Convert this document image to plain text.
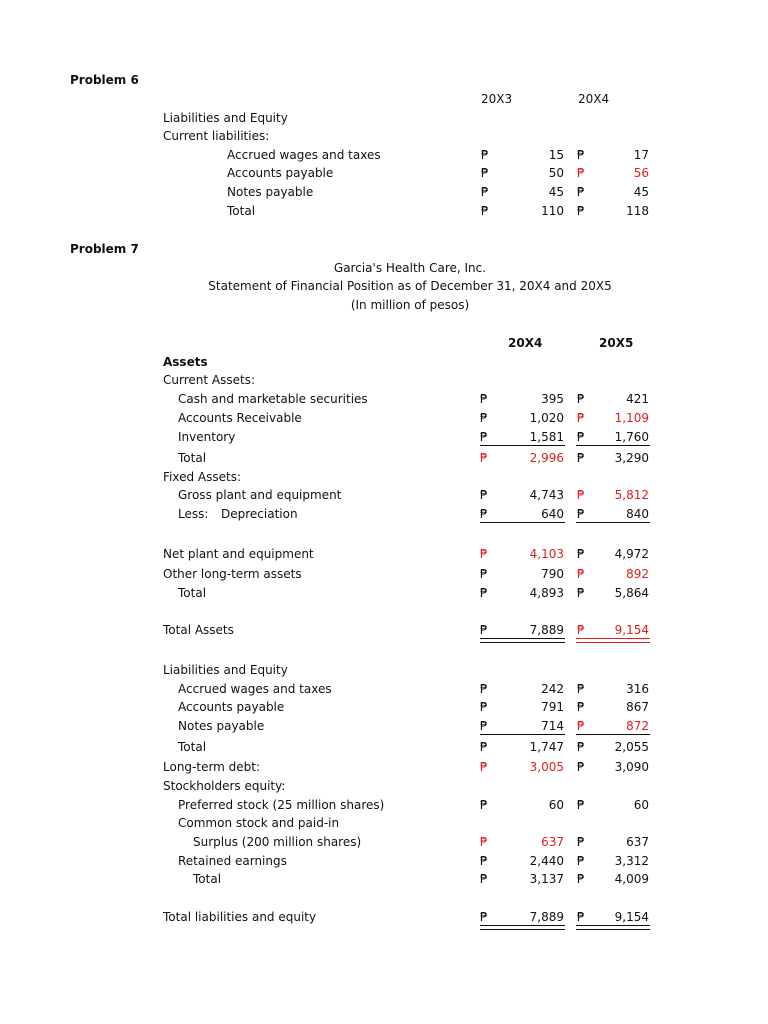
Problem 6
20X3	20X4
Liabilities and Equity
Current liabilities:
Accrued wages and taxes	₱	15 ₱	17
Accounts payable	₱	50 ₱	56
Notes payable	₱	45 ₱	45
Total	₱	110 ₱	118
Problem 7
Garcia's Health Care, Inc.
Statement of Financial Position as of December 31, 20X4 and 20X5
(In million of pesos)
20X4	20X5
Assets
Current Assets:
Cash and marketable securities	₱	395 ₱	421
Accounts Receivable	₱	1,020 ₱	1,109
Inventory	₱	1,581 ₱	1,760
Total	₱	2,996 ₱	3,290
Fixed Assets:
Gross plant and equipment	₱	4,743 ₱	5,812
Less: Depreciation	₱	640 ₱	840
Net plant and equipment	₱	4,103 ₱	4,972
Other long-term assets	₱	790 ₱	892
Total	₱	4,893 ₱	5,864
Total Assets	₱	7,889 ₱	9,154
Liabilities and Equity
Accrued wages and taxes	₱	242 ₱	316
Accounts payable	₱	791 ₱	867
Notes payable	₱	714 ₱	872
Total	₱	1,747 ₱	2,055
Long-term debt:	₱	3,005 ₱	3,090
Stockholders equity:
Preferred stock (25 million shares)	₱	60 ₱	60
Common stock and paid-in
Surplus (200 million shares)	₱	637 ₱	637
Retained earnings	₱	2,440 ₱	3,312
Total	₱	3,137 ₱	4,009
Total liabilities and equity	₱	7,889 ₱	9,154
